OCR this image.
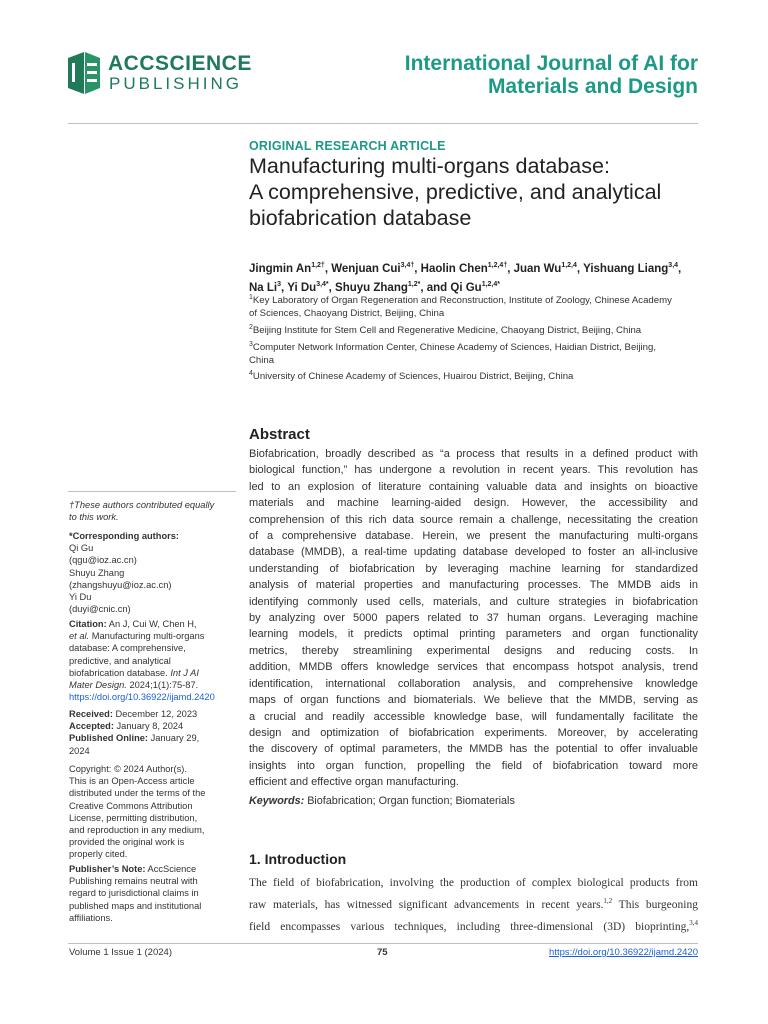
ACCSCIENCE
PUBLISHING
International Journal of AI for
Materials and Design
ORIGINAL RESEARCH ARTICLE
Manufacturing multi-organs database:
A comprehensive, predictive, and analytical
biofabrication database
Jingmin $An^{1,2\dagger}$, Wenjuan Cui$^{3,4\dagger}$, Haolin Chen$^{1,2,4\dagger}$, Juan Wu$^{1,2,4}$, Yishuang Liang$^{3,4}$,
Na Li$^3$, Yi $Du^{3,4*}$, Shuyu Zhang$^{1,2*}$, and Qi $Gu^{1,2,4*}$
$^1$Key Laboratory of Organ Regeneration and Reconstruction, Institute of Zoology, Chinese Academy
of Sciences, Chaoyang District, Beijing, China
$^2$Beijing Institute for Stem Cell and Regenerative Medicine, Chaoyang District, Beijing, China
$^3$Computer Network Information Center, Chinese Academy of Sciences, Haidian District, Beijing,
China
$^4$University of Chinese Academy of Sciences, Huairou District, Beijing, China
Abstract
Biofabrication, broadly described as “a process that results in a defined product with
biological function,” has undergone a revolution in recent years. This revolution has
led to an explosion of literature containing valuable data and insights on bioactive
materials and machine learning-aided design. However, the accessibility and
comprehension of this rich data source remain a challenge, necessitating the creation
of a comprehensive database. Herein, we present the manufacturing multi-organs
database (MMDB), a real-time updating database developed to foster an all-inclusive
understanding of biofabrication by leveraging machine learning for standardized
analysis of material properties and manufacturing processes. The MMDB aids in
identifying commonly used cells, materials, and culture strategies in biofabrication
by analyzing over 5000 papers related to 37 human organs. Leveraging machine
learning models, it predicts optimal printing parameters and organ functionality
metrics, thereby streamlining experimental designs and reducing costs. In
addition, MMDB offers knowledge services that encompass hotspot analysis, trend
identification, international collaboration analysis, and comprehensive knowledge
maps of organ functions and biomaterials. We believe that the MMDB, serving as
a crucial and readily accessible knowledge base, will fundamentally facilitate the
design and optimization of biofabrication experiments. Moreover, by accelerating
the discovery of optimal parameters, the MMDB has the potential to offer invaluable
insights into organ function, propelling the field of biofabrication toward more
efficient and effective organ manufacturing.
Keywords: Biofabrication; Organ function; Biomaterials
1. Introduction
The field of biofabrication, involving the production of complex biological products from
raw materials, has witnessed significant advancements in recent years.$^{1,2}$ This burgeoning
field encompasses various techniques, including three-dimensional (3D) bioprinting,$^{3,4}$
†These authors contributed equally
to this work.
*Corresponding authors:
Qi Gu
(qgu@ioz.ac.cn)
Shuyu Zhang
(zhangshuyu@ioz.ac.cn)
Yi Du
(duyi@cnic.cn)
Citation: An J, Cui W, Chen H,
et al. Manufacturing multi-organs
database: A comprehensive,
predictive, and analytical
biofabrication database. Int J AI
Mater Design. 2024;1(1):75-87.
https://doi.org/10.36922/ijamd.2420
Received: December 12, 2023
Accepted: January 8, 2024
Published Online: January 29,
2024
Copyright: © 2024 Author(s).
This is an Open-Access article
distributed under the terms of the
Creative Commons Attribution
License, permitting distribution,
and reproduction in any medium,
provided the original work is
properly cited.
Publisher’s Note: AccScience
Publishing remains neutral with
regard to jurisdictional claims in
published maps and institutional
affiliations.
Volume 1 Issue 1 (2024)	75	https://doi.org/10.36922/ijamd.2420
